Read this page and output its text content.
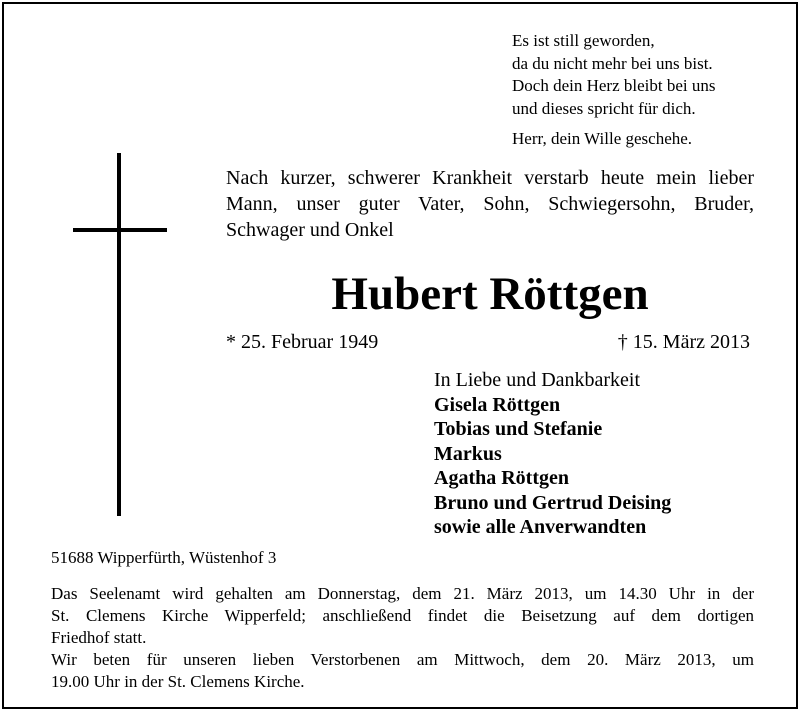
Es ist still geworden,
da du nicht mehr bei uns bist.
Doch dein Herz bleibt bei uns
und dieses spricht für dich.
Herr, dein Wille geschehe.
Nach kurzer, schwerer Krankheit verstarb heute mein lieber
Mann, unser guter Vater, Sohn, Schwiegersohn, Bruder,
Schwager und Onkel
Hubert Röttgen
* 25. Februar 1949	† 15. März 2013
In Liebe und Dankbarkeit
Gisela Röttgen
Tobias und Stefanie
Markus
Agatha Röttgen
Bruno und Gertrud Deising
sowie alle Anverwandten
51688 Wipperfürth, Wüstenhof 3
Das Seelenamt wird gehalten am Donnerstag, dem 21. März 2013, um 14.30 Uhr in der
St. Clemens Kirche Wipperfeld; anschließend findet die Beisetzung auf dem dortigen
Friedhof statt.
Wir beten für unseren lieben Verstorbenen am Mittwoch, dem 20. März 2013, um
19.00 Uhr in der St. Clemens Kirche.
